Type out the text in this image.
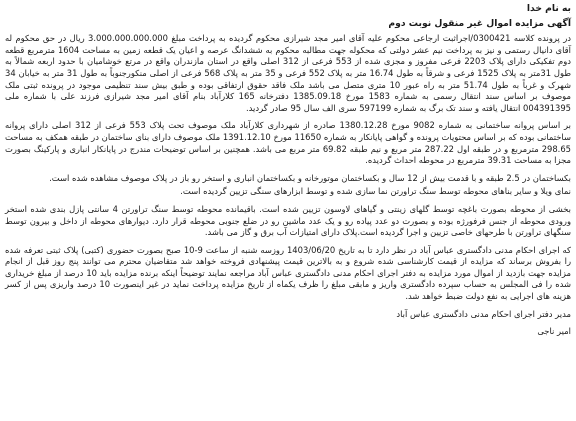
به نام خدا

آگهی مزایده اموال غیر منقول نوبت دوم

در پرونده کلاسه 0300421/اجراثبت ارجاعی محکوم علیه آقای امیر مجد شیرازی محکوم گردیده به پرداخت مبلغ 3.000.000.000.000 ریال در حق محکوم له آقای دانیال رستمی و نیز به پرداخت نیم عشر دولتی که محکوله جهت مطالبه محکوم به ششدانگ عرصه و اعیان یک قطعه زمین به مساحت 1604 مترمربع قطعه دوم تفکیکی دارای پلاک 2203 فرعی مفروز و مجزی شده از 553 فرعی از 312 اصلی واقع در استان مازندران واقع در مرتع خوشامیان با حدود اربعه شمالاً به طول 31متر به پلاک 1525 فرعی و شرقاً به طول 16.74 متر به پلاک 552 فرعی و 35 متر به پلاک 568 فرعی از اصلی منکورجنوباً به طول 31 متر به خیابان 34 شهرک و غرباً به طول 51.74 متر به راه عبور 10 متری متصل می باشد ملک فاقد حقوق ارتفاقی بوده و طبق بیش سند تنظیمی موجود در پرونده ثبتی ملک موصوف بر اساس سند انتقال رسمی به شماره 1583 مورخ 1385.09.18 دفترخانه 165 کلارآباد بنام آقای امیر مجد شیرازی فرزند علی با شماره ملی 004391395 انتقال یافته و سند تک برگ به شماره 597199 سری الف سال 95 صادر گردید.

بر اساس پروانه ساختمانی به شماره 9082 مورخ 1380.12.28 صادره از شهرداری کلارآباد ملک موصوف تحت پلاک 553 فرعی از 312 اصلی دارای پروانه ساختمانی بوده که بر اساس محتویات پرونده و گواهی پایانکار به شماره 11650 مورخ 1391.12.10 ملک موصوف دارای بنای ساختمان در طبقه همکف به مساحت 298.65 مترمربع و در طبقه اول 287.22 متر مربع و نیم طبقه 69.82 متر مربع می باشد. همچنین بر اساس توضیحات مندرج در پایانکار انباری و پارکینگ بصورت مجزا به مساحت 39.31 مترمربع در محوطه احداث گردیده.

بکساختمان در 2.5 طبقه و با قدمت بیش از 12 سال و بکساختمان موتورخانه و بکساختمان انباری و استخر رو باز در پلاک موصوف مشاهده شده است.

نمای ویلا و سایر بناهای محوطه توسط سنگ تراورتن نما سازی شده و توسط ابزارهای سنگی تزیین گردیده است.

بخشی از محوطه بصورت باغچه توسط گلهای زینتی و گیاهای لاوسون تزیین شده است. باقیمانده محوطه توسط سنگ تراورتن 4 سانتی پازل بندی شده استخر ورودی محوطه از جنس فرفورژه بوده و بصورت دو عدد پیاده رو و یک عدد ماشین رو در ضلع جنوبی محوطه قرار دارد. دیوارهای محوطه از داخل و بیرون توسط سنگهای تراورتن با طرحهای خاصی تزیین و اجرا گردیده است.پلاک دارای امتیازات آب برق و گاز می باشد.

که اجرای احکام مدنی دادگستری عباس آباد در نظر دارد تا به تاریخ 1403/06/20 روزسه شنبه از ساعت 9-10 صبح بصورت حضوری (کتبی) پلاک ثبتی تعرفه شده را بفروش برساند که مزایده از قیمت کارشناسی شده شروع و به بالاترین قیمت پیشنهادی فروخته خواهد شد متقاضیان محترم می توانند پنج روز قبل از انجام مزایده جهت بازدید از اموال مورد مزایده به دفتر اجرای احکام مدنی دادگستری عباس آباد مراجعه نمایند توضیحاً اینکه برنده مزایده باید 10 درصد از مبلغ خریداری شده را فی المجلس به حساب سپرده دادگستری واریز و مابقی مبلغ را ظرف یکماه از تاریخ مزایده پرداخت نماید در غیر اینصورت 10 درصد واریزی پس از کسر هزینه های اجرایی به نفع دولت ضبط خواهد شد.

مدیر دفتر اجرای احکام مدنی دادگستری عباس آباد

امیر ناجی
